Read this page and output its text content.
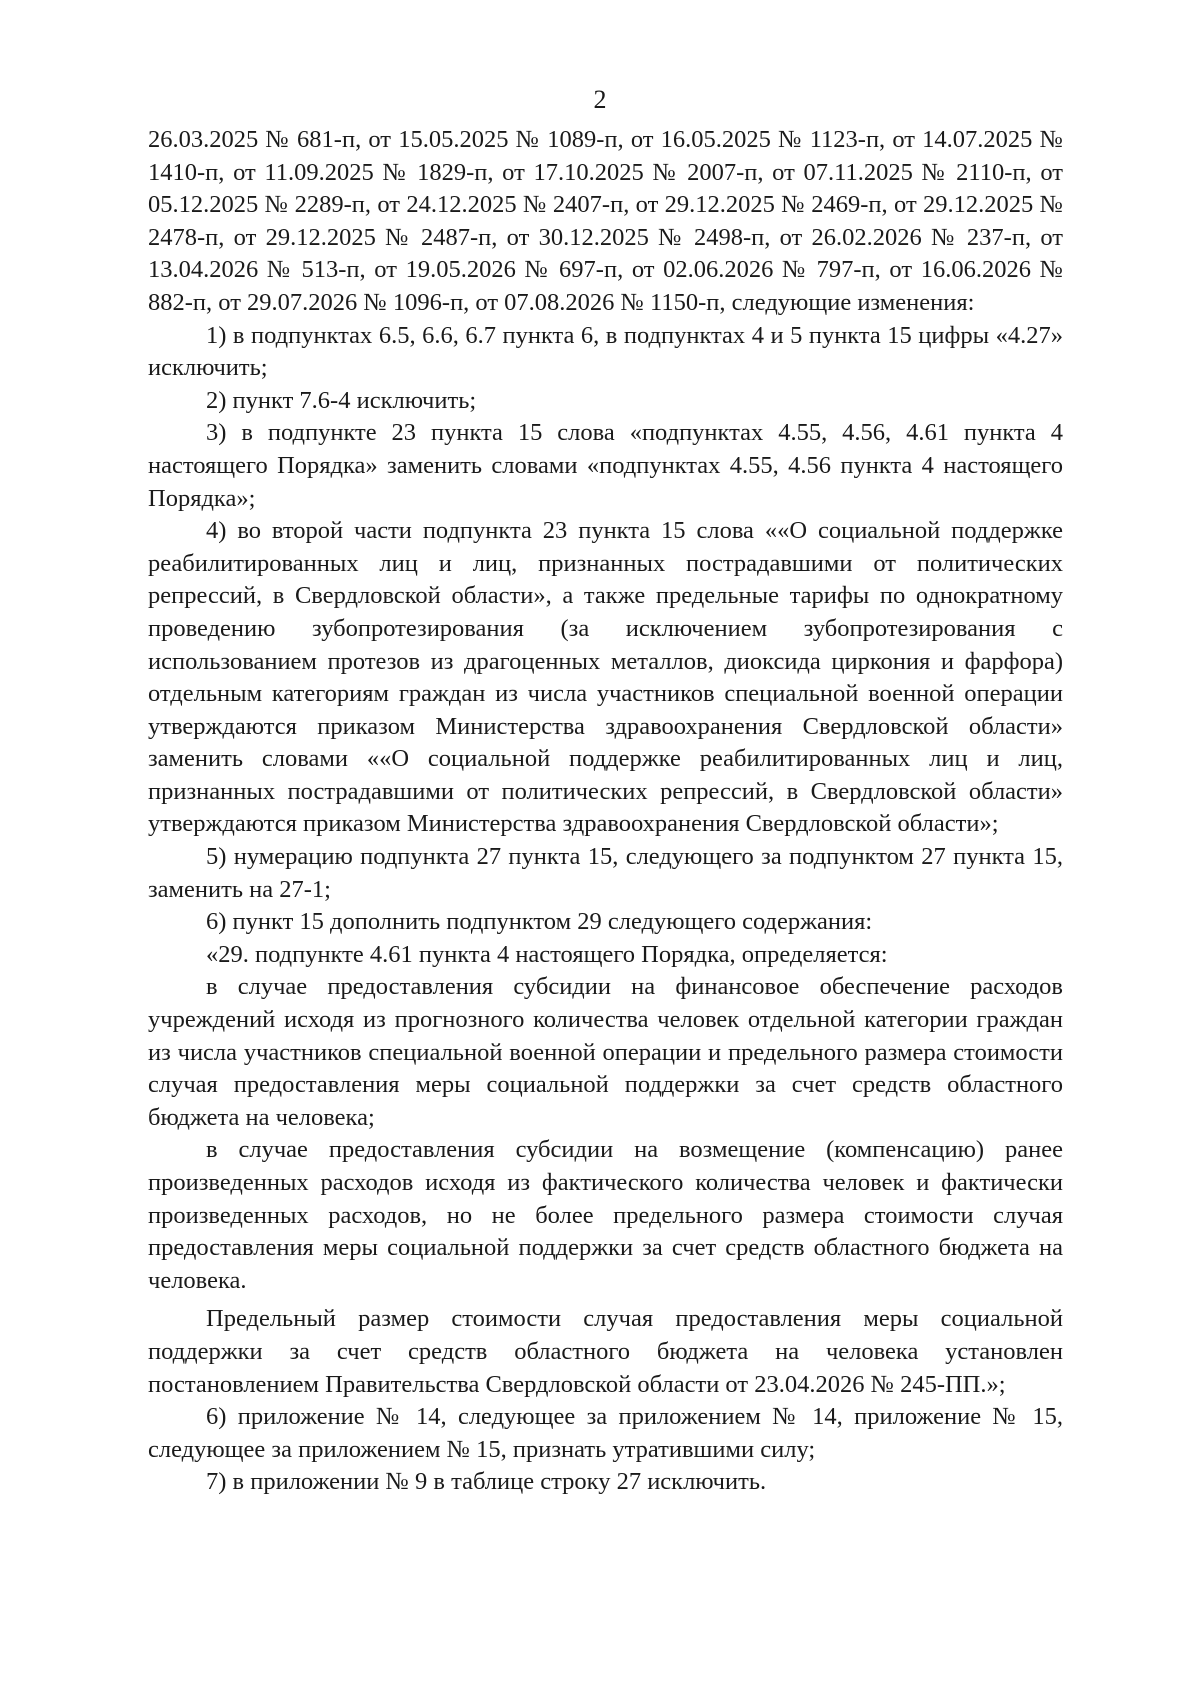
2

26.03.2025 № 681-п, от 15.05.2025 № 1089-п, от 16.05.2025 № 1123-п, от 14.07.2025 № 1410-п, от 11.09.2025 № 1829-п, от 17.10.2025 № 2007-п, от 07.11.2025 № 2110-п, от 05.12.2025 № 2289-п, от 24.12.2025 № 2407-п, от 29.12.2025 № 2469-п, от 29.12.2025 № 2478-п, от 29.12.2025 № 2487-п, от 30.12.2025 № 2498-п, от 26.02.2026 № 237-п, от 13.04.2026 № 513-п, от 19.05.2026 № 697-п, от 02.06.2026 № 797-п, от 16.06.2026 № 882-п, от 29.07.2026 № 1096-п, от 07.08.2026 № 1150-п, следующие изменения:

1) в подпунктах 6.5, 6.6, 6.7 пункта 6, в подпунктах 4 и 5 пункта 15 цифры «4.27» исключить;

2) пункт 7.6-4 исключить;

3) в подпункте 23 пункта 15 слова «подпунктах 4.55, 4.56, 4.61 пункта 4 настоящего Порядка» заменить словами «подпунктах 4.55, 4.56 пункта 4 настоящего Порядка»;

4) во второй части подпункта 23 пункта 15 слова ««О социальной поддержке реабилитированных лиц и лиц, признанных пострадавшими от политических репрессий, в Свердловской области», а также предельные тарифы по однократному проведению зубопротезирования (за исключением зубопротезирования с использованием протезов из драгоценных металлов, диоксида циркония и фарфора) отдельным категориям граждан из числа участников специальной военной операции утверждаются приказом Министерства здравоохранения Свердловской области» заменить словами ««О социальной поддержке реабилитированных лиц и лиц, признанных пострадавшими от политических репрессий, в Свердловской области» утверждаются приказом Министерства здравоохранения Свердловской области»;

5) нумерацию подпункта 27 пункта 15, следующего за подпунктом 27 пункта 15, заменить на 27-1;

6) пункт 15 дополнить подпунктом 29 следующего содержания:

«29. подпункте 4.61 пункта 4 настоящего Порядка, определяется:

в случае предоставления субсидии на финансовое обеспечение расходов учреждений исходя из прогнозного количества человек отдельной категории граждан из числа участников специальной военной операции и предельного размера стоимости случая предоставления меры социальной поддержки за счет средств областного бюджета на человека;

в случае предоставления субсидии на возмещение (компенсацию) ранее произведенных расходов исходя из фактического количества человек и фактически произведенных расходов, но не более предельного размера стоимости случая предоставления меры социальной поддержки за счет средств областного бюджета на человека.

Предельный размер стоимости случая предоставления меры социальной поддержки за счет средств областного бюджета на человека установлен постановлением Правительства Свердловской области от 23.04.2026 № 245-ПП.»;

6) приложение № 14, следующее за приложением № 14, приложение № 15, следующее за приложением № 15, признать утратившими силу;

7) в приложении № 9 в таблице строку 27 исключить.
